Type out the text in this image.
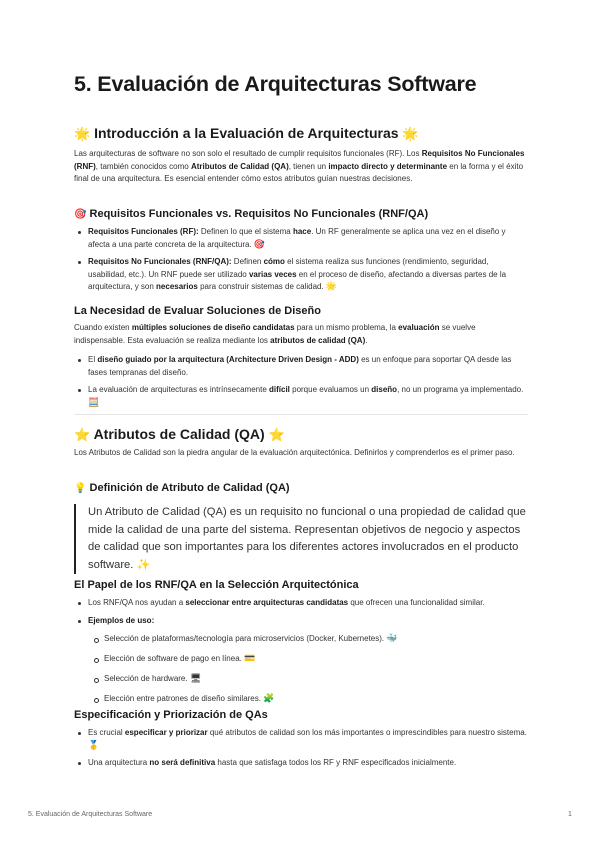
5. Evaluación de Arquitecturas Software
🌟 Introducción a la Evaluación de Arquitecturas 🌟

Las arquitecturas de software no son solo el resultado de cumplir requisitos funcionales (RF). Los Requisitos No Funcionales (RNF), también conocidos como Atributos de Calidad (QA), tienen un impacto directo y determinante en la forma y el éxito final de una arquitectura. Es esencial entender cómo estos atributos guían nuestras decisiones.

🎯 Requisitos Funcionales vs. Requisitos No Funcionales (RNF/QA)
Requisitos Funcionales (RF): Definen lo que el sistema hace. Un RF generalmente se aplica una vez en el diseño y afecta a una parte concreta de la arquitectura. 🎯
Requisitos No Funcionales (RNF/QA): Definen cómo el sistema realiza sus funciones (rendimiento, seguridad, usabilidad, etc.). Un RNF puede ser utilizado varias veces en el proceso de diseño, afectando a diversas partes de la arquitectura, y son necesarios para construir sistemas de calidad. 🌟
La Necesidad de Evaluar Soluciones de Diseño

Cuando existen múltiples soluciones de diseño candidatas para un mismo problema, la evaluación se vuelve indispensable. Esta evaluación se realiza mediante los atributos de calidad (QA).

El diseño guiado por la arquitectura (Architecture Driven Design - ADD) es un enfoque para soportar QA desde las fases tempranas del diseño.
La evaluación de arquitecturas es intrínsecamente difícil porque evaluamos un diseño, no un programa ya implementado. 🧮
⭐ Atributos de Calidad (QA) ⭐

Los Atributos de Calidad son la piedra angular de la evaluación arquitectónica. Definirlos y comprenderlos es el primer paso.

💡 Definición de Atributo de Calidad (QA)
Un Atributo de Calidad (QA) es un requisito no funcional o una propiedad de calidad que mide la calidad de una parte del sistema. Representan objetivos de negocio y aspectos de calidad que son importantes para los diferentes actores involucrados en el producto software. ✨
El Papel de los RNF/QA en la Selección Arquitectónica
Los RNF/QA nos ayudan a seleccionar entre arquitecturas candidatas que ofrecen una funcionalidad similar.
Ejemplos de uso:
Selección de plataformas/tecnología para microservicios (Docker, Kubernetes). 🐳
Elección de software de pago en línea. 💳
Selección de hardware. 🖥
Elección entre patrones de diseño similares. 🧩
Especificación y Priorización de QAs
Es crucial especificar y priorizar qué atributos de calidad son los más importantes o imprescindibles para nuestro sistema. 🥇
Una arquitectura no será definitiva hasta que satisfaga todos los RF y RNF especificados inicialmente.
5. Evaluación de Arquitecturas Software	1
